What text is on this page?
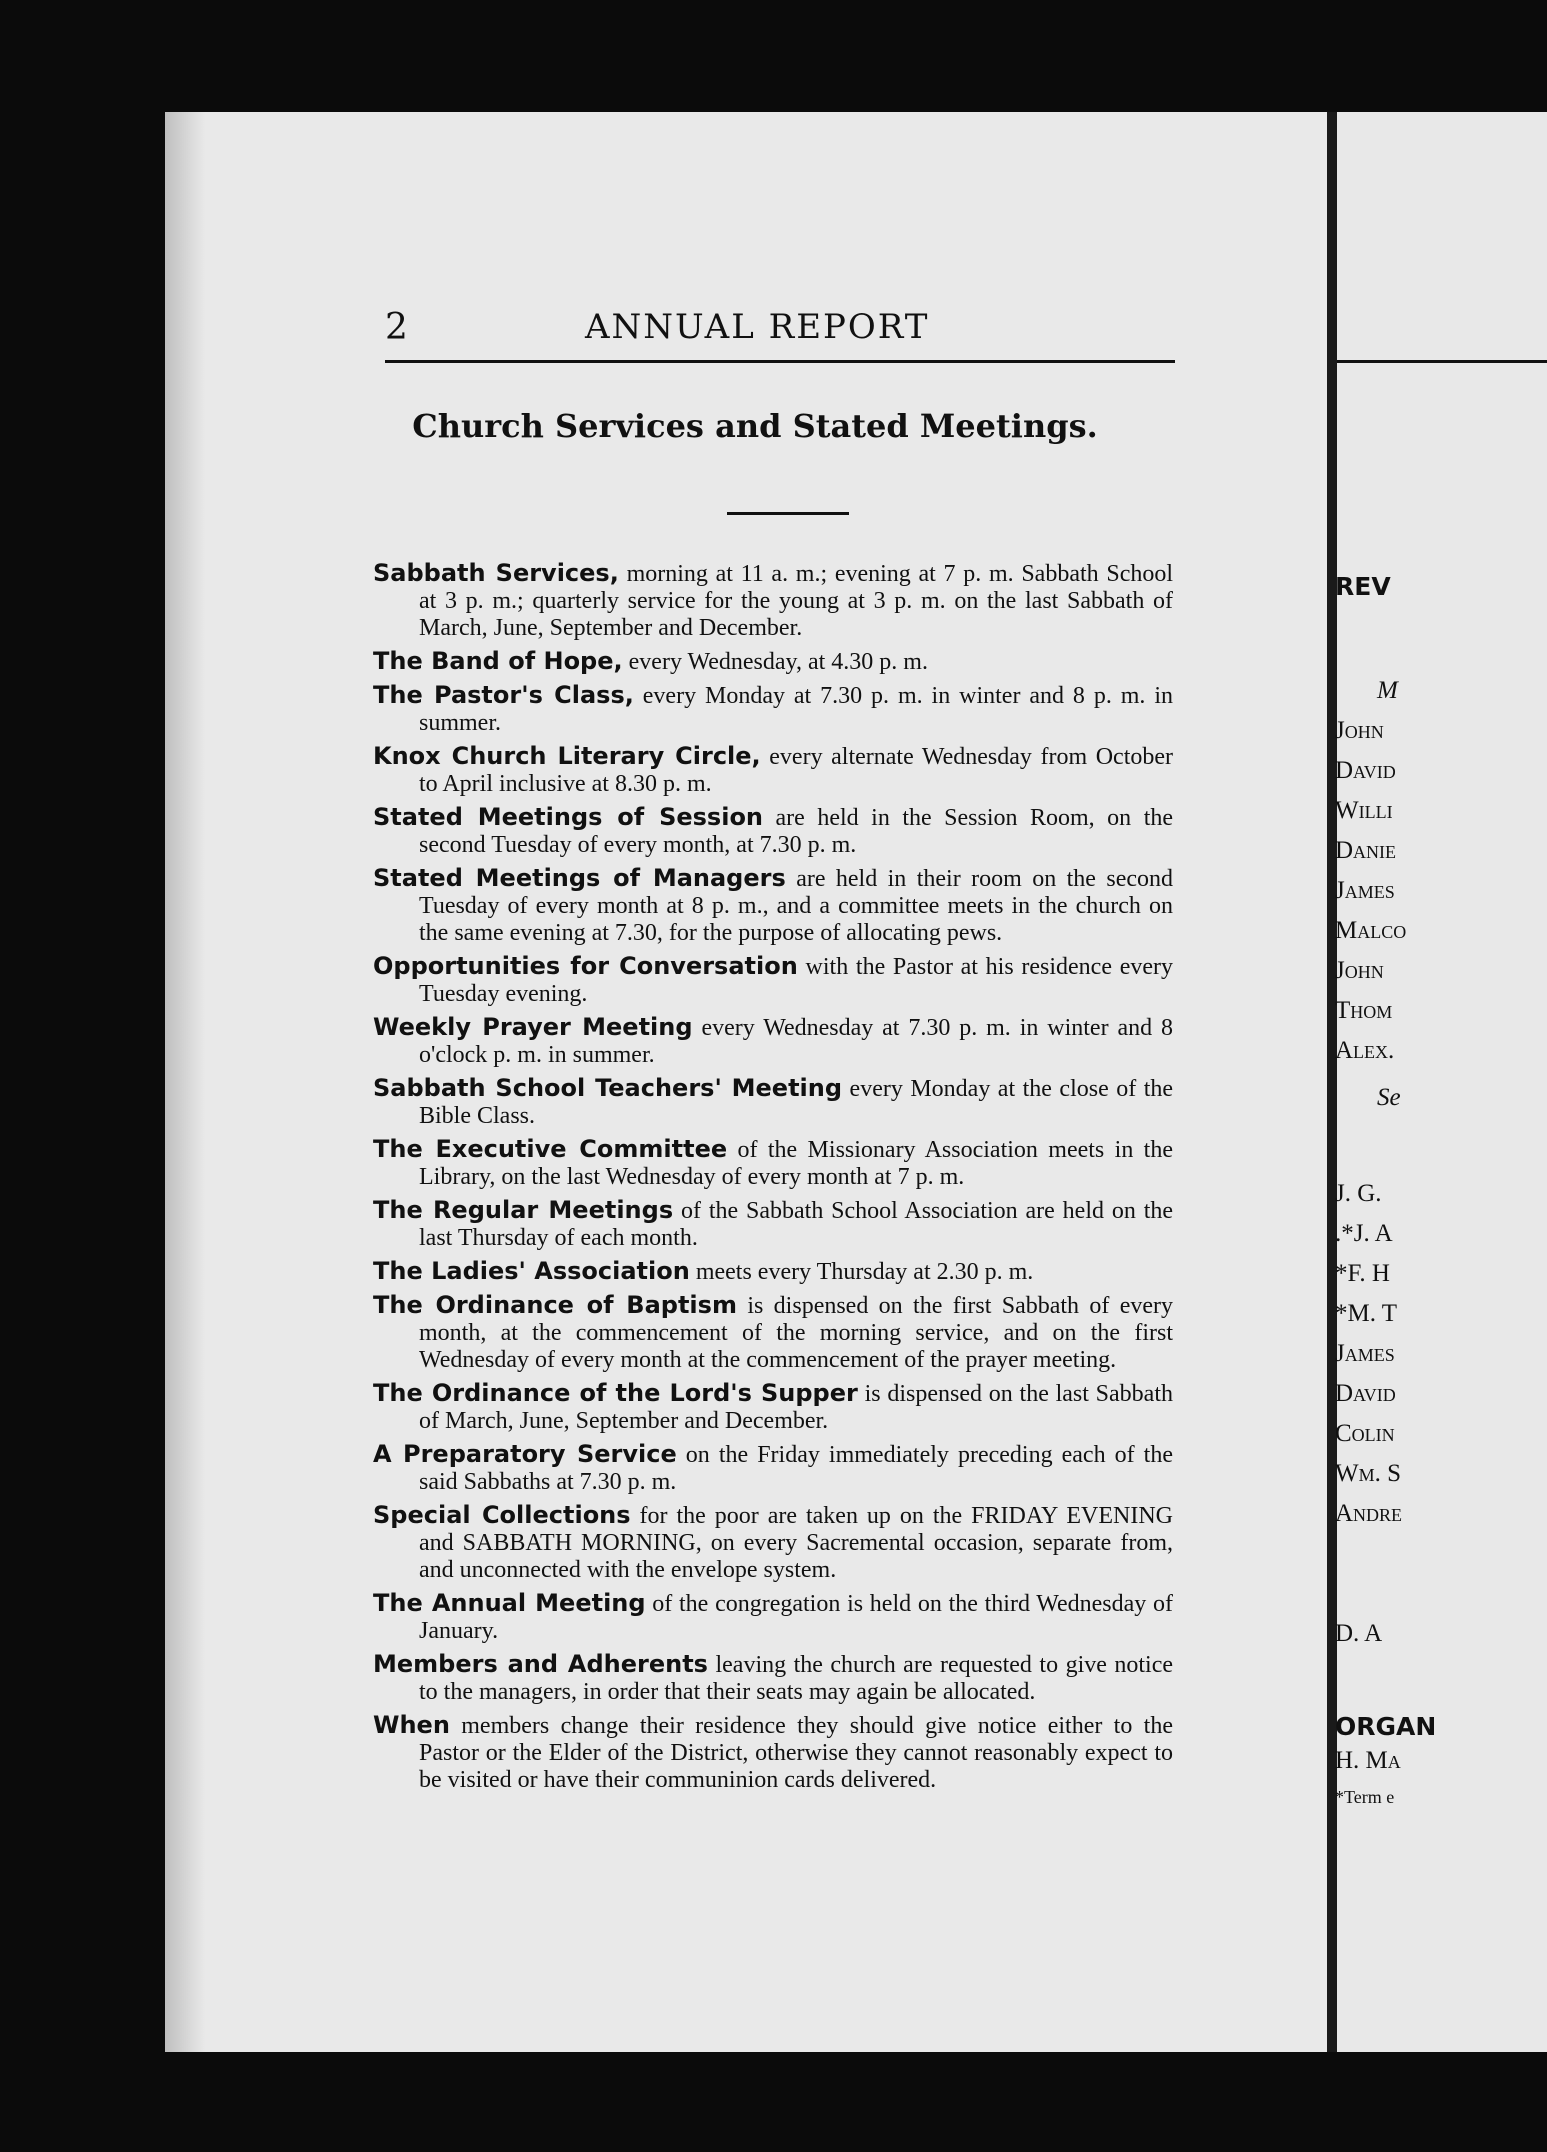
2	ANNUAL REPORT
Church Services and Stated Meetings.
Sabbath Services, morning at 11 a. m.; evening at 7 p. m. Sabbath School at 3 p. m.; quarterly service for the young at 3 p. m. on the last Sabbath of March, June, September and December.
The Band of Hope, every Wednesday, at 4.30 p. m.
The Pastor's Class, every Monday at 7.30 p. m. in winter and 8 p. m. in summer.
Knox Church Literary Circle, every alternate Wednesday from October to April inclusive at 8.30 p. m.
Stated Meetings of Session are held in the Session Room, on the second Tuesday of every month, at 7.30 p. m.
Stated Meetings of Managers are held in their room on the second Tuesday of every month at 8 p. m., and a committee meets in the church on the same evening at 7.30, for the purpose of allocating pews.
Opportunities for Conversation with the Pastor at his residence every Tuesday evening.
Weekly Prayer Meeting every Wednesday at 7.30 p. m. in winter and 8 o'clock p. m. in summer.
Sabbath School Teachers' Meeting every Monday at the close of the Bible Class.
The Executive Committee of the Missionary Association meets in the Library, on the last Wednesday of every month at 7 p. m.
The Regular Meetings of the Sabbath School Association are held on the last Thursday of each month.
The Ladies' Association meets every Thursday at 2.30 p. m.
The Ordinance of Baptism is dispensed on the first Sabbath of every month, at the commencement of the morning service, and on the first Wednesday of every month at the commencement of the prayer meeting.
The Ordinance of the Lord's Supper is dispensed on the last Sabbath of March, June, September and December.
A Preparatory Service on the Friday immediately preceding each of the said Sabbaths at 7.30 p. m.
Special Collections for the poor are taken up on the FRIDAY EVENING and SABBATH MORNING, on every Sacremental occasion, separate from, and unconnected with the envelope system.
The Annual Meeting of the congregation is held on the third Wednesday of January.
Members and Adherents leaving the church are requested to give notice to the managers, in order that their seats may again be allocated.
When members change their residence they should give notice either to the Pastor or the Elder of the District, otherwise they cannot reasonably expect to be visited or have their communinion cards delivered.
REV
M
John
David
Willi
Danie
James
Malco
John
Thom
Alex.
Se
J. G.
.*J. A
*F. H
*M. T
James
David
Colin
Wm. S
Andre
D. A
ORGAN
H. Ma
*Term e
